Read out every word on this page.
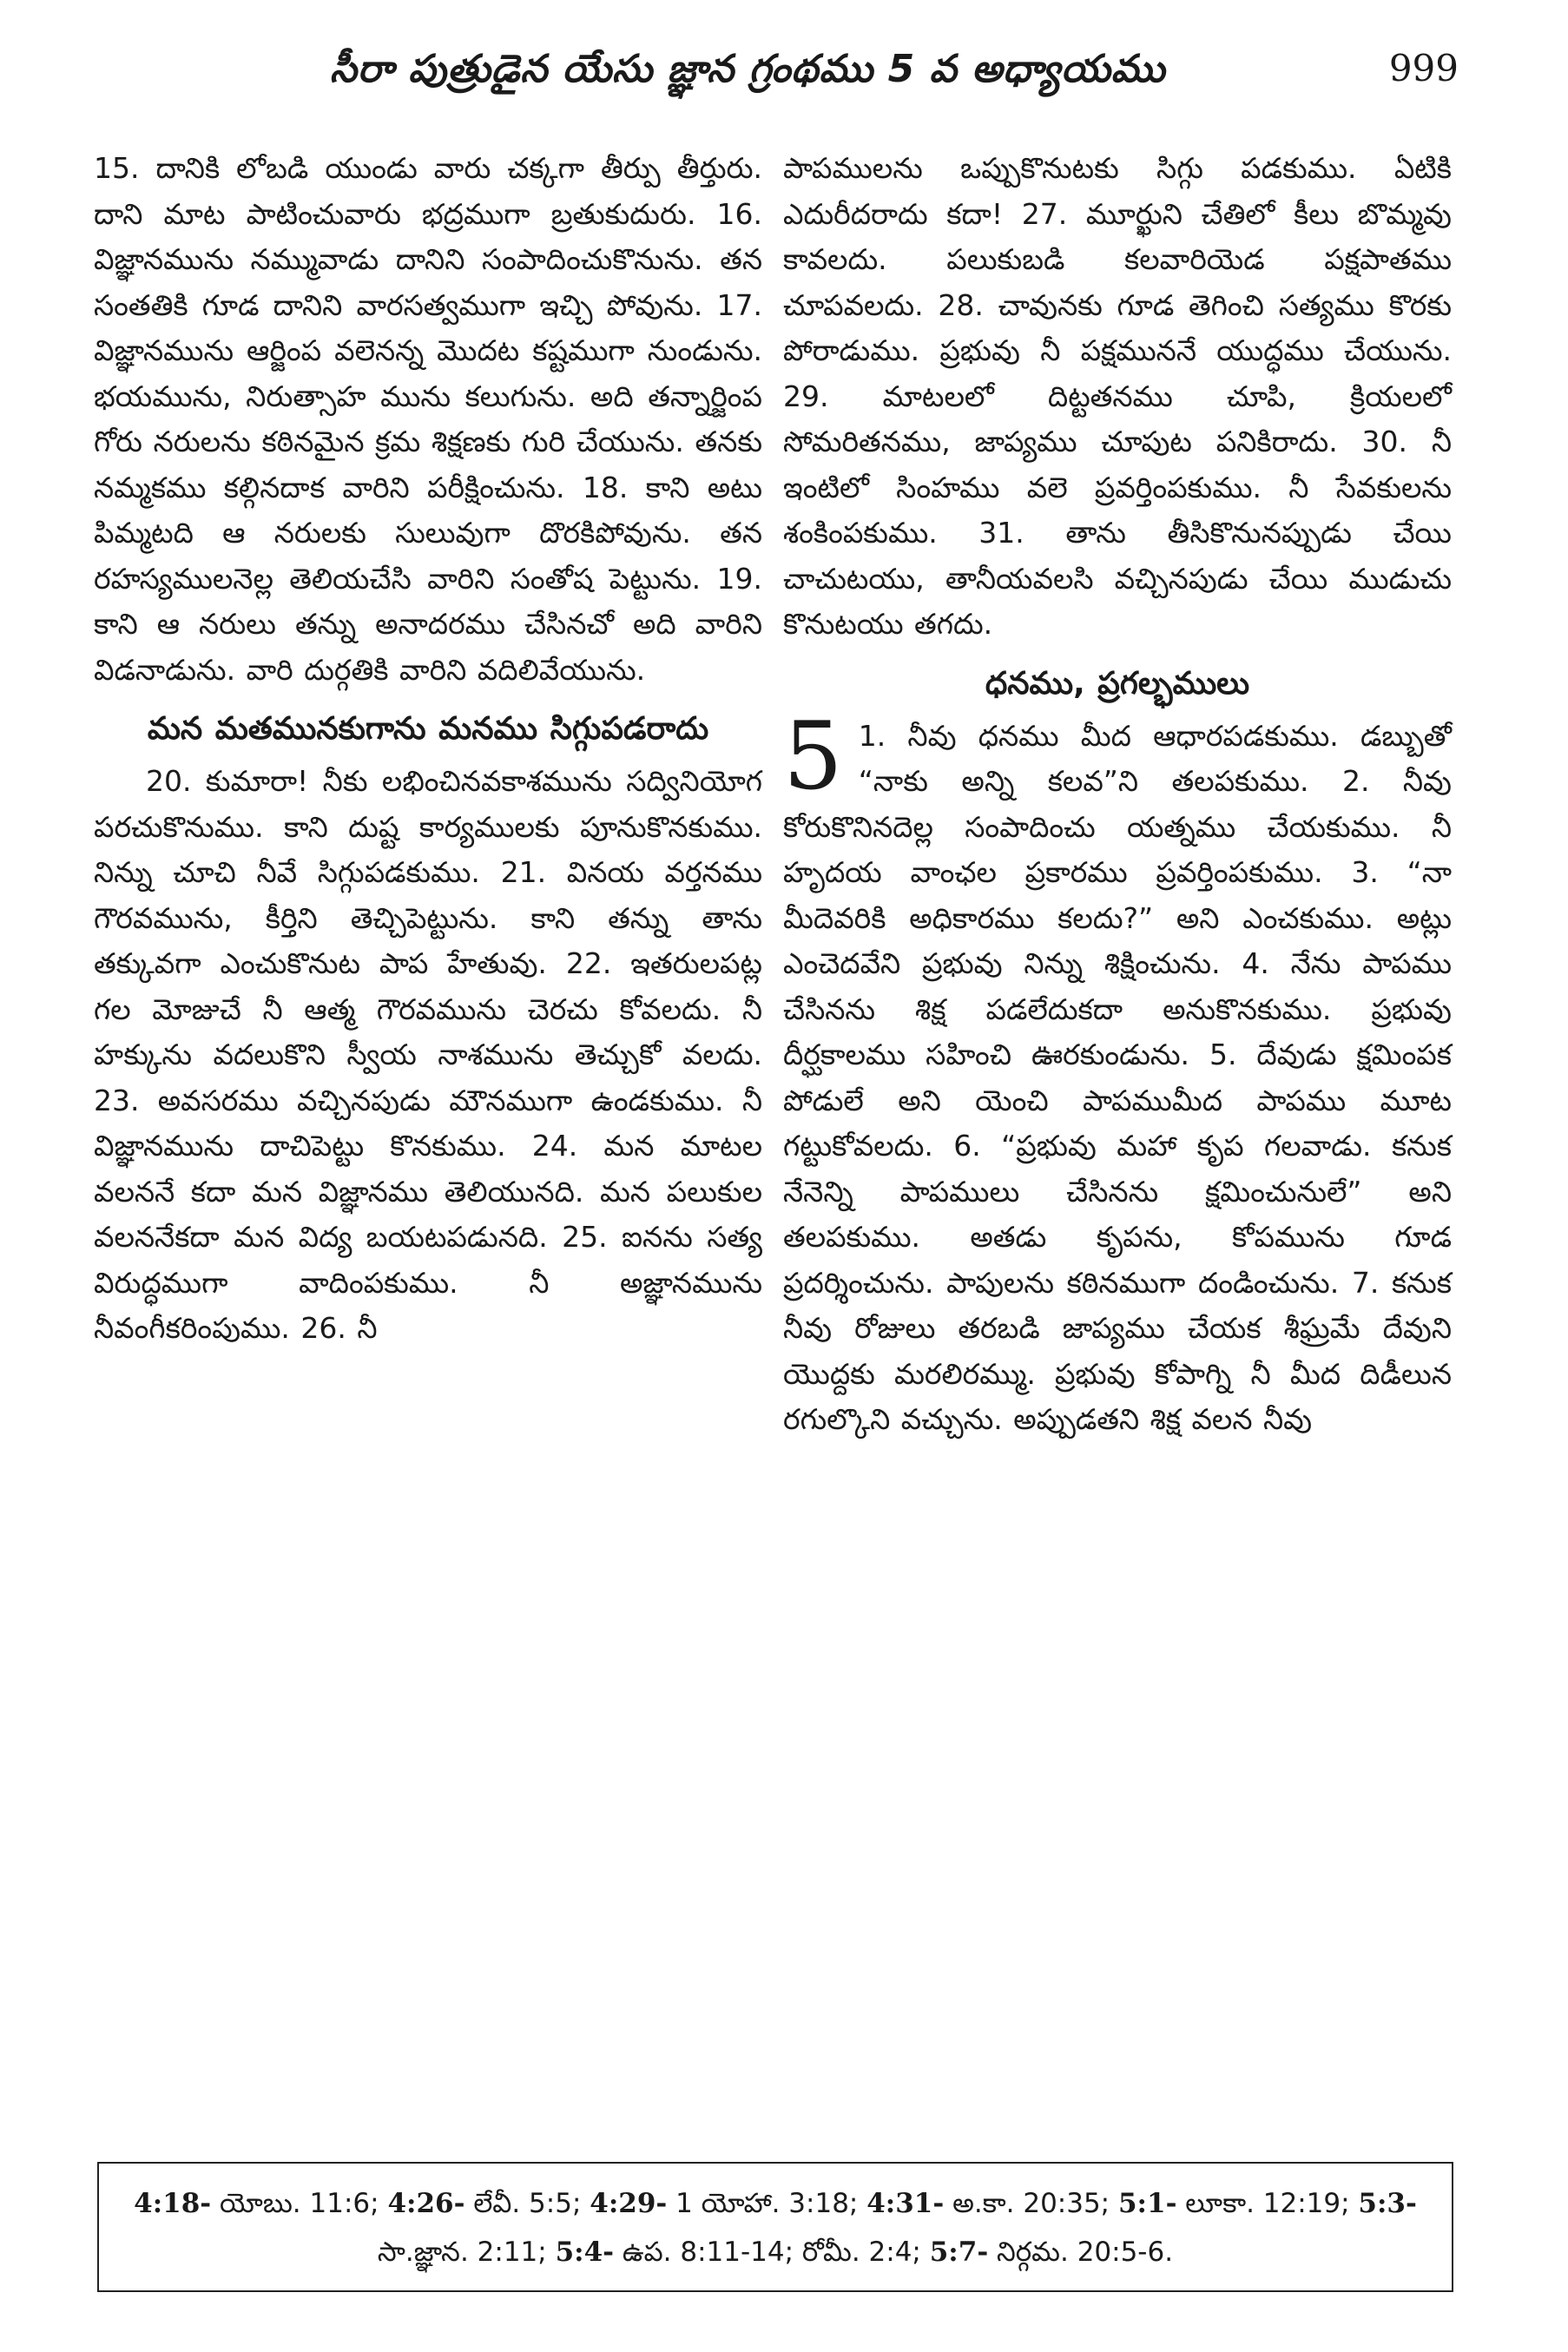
సీరా పుత్రుడైన యేసు జ్ఞాన గ్రంథము 5 వ అధ్యాయము	999

15. దానికి లోబడి యుండు వారు చక్కగా తీర్పు తీర్తురు. దాని మాట పాటించువారు భద్రముగా బ్రతుకుదురు. 16. విజ్ఞానమును నమ్మువాడు దానిని సంపాదించుకొనును. తన సంతతికి గూడ దానిని వారసత్వముగా ఇచ్చి పోవును. 17. విజ్ఞానమును ఆర్జింప వలెనన్న మొదట కష్టముగా నుండును. భయమును, నిరుత్సాహ మును కలుగును. అది తన్నార్జింప గోరు నరులను కఠినమైన క్రమ శిక్షణకు గురి చేయును. తనకు నమ్మకము కల్గినదాక వారిని పరీక్షించును. 18. కాని అటు పిమ్మటది ఆ నరులకు సులువుగా దొరకిపోవును. తన రహస్యములనెల్ల తెలియచేసి వారిని సంతోష పెట్టును. 19. కాని ఆ నరులు తన్ను అనాదరము చేసినచో అది వారిని విడనాడును. వారి దుర్గతికి వారిని వదిలివేయును.

మన మతమునకుగాను మనము సిగ్గుపడరాదు

20. కుమారా! నీకు లభించినవకాశమును సద్వినియోగ పరచుకొనుము. కాని దుష్ట కార్యములకు పూనుకొనకుము. నిన్ను చూచి నీవే సిగ్గుపడకుము. 21. వినయ వర్తనము గౌరవమును, కీర్తిని తెచ్చిపెట్టును. కాని తన్ను తాను తక్కువగా ఎంచుకొనుట పాప హేతువు. 22. ఇతరులపట్ల గల మోజుచే నీ ఆత్మ గౌరవమును చెరచు కోవలదు. నీ హక్కును వదలుకొని స్వీయ నాశమును తెచ్చుకో వలదు. 23. అవసరము వచ్చినపుడు మౌనముగా ఉండకుము. నీ విజ్ఞానమును దాచిపెట్టు కొనకుము. 24. మన మాటల వలననే కదా మన విజ్ఞానము తెలియునది. మన పలుకుల వలననేకదా మన విద్య బయటపడునది. 25. ఐనను సత్య విరుద్ధముగా వాదింపకుము. నీ అజ్ఞానమును నీవంగీకరింపుము. 26. నీ

పాపములను ఒప్పుకొనుటకు సిగ్గు పడకుము. ఏటికి ఎదురీదరాదు కదా! 27. మూర్ఖుని చేతిలో కీలు బొమ్మవు కావలదు. పలుకుబడి కలవారియెడ పక్షపాతము చూపవలదు. 28. చావునకు గూడ తెగించి సత్యము కొరకు పోరాడుము. ప్రభువు నీ పక్షముననే యుద్ధము చేయును. 29. మాటలలో దిట్టతనము చూపి, క్రియలలో సోమరితనము, జాప్యము చూపుట పనికిరాదు. 30. నీ ఇంటిలో సింహము వలె ప్రవర్తింపకుము. నీ సేవకులను శంకింపకుము. 31. తాను తీసికొనునప్పుడు చేయి చాచుటయు, తానీయవలసి వచ్చినపుడు చేయి ముడుచు కొనుటయు తగదు.

ధనము, ప్రగల్భములు

5 1. నీవు ధనము మీద ఆధారపడకుము. డబ్బుతో “నాకు అన్ని కలవ”ని తలపకుము. 2. నీవు కోరుకొనినదెల్ల సంపాదించు యత్నము చేయకుము. నీ హృదయ వాంఛల ప్రకారము ప్రవర్తింపకుము. 3. “నా మీదెవరికి అధికారము కలదు?” అని ఎంచకుము. అట్లు ఎంచెదవేని ప్రభువు నిన్ను శిక్షించును. 4. నేను పాపము చేసినను శిక్ష పడలేదుకదా అనుకొనకుము. ప్రభువు దీర్ఘకాలము సహించి ఊరకుండును. 5. దేవుడు క్షమింపక పోడులే అని యెంచి పాపముమీద పాపము మూట గట్టుకోవలదు. 6. “ప్రభువు మహా కృప గలవాడు. కనుక నేనెన్ని పాపములు చేసినను క్షమించునులే” అని తలపకుము. అతడు కృపను, కోపమును గూడ ప్రదర్శించును. పాపులను కఠినముగా దండించును. 7. కనుక నీవు రోజులు తరబడి జాప్యము చేయక శీఘ్రమే దేవుని యొద్దకు మరలిరమ్ము. ప్రభువు కోపాగ్ని నీ మీద దిడీలున రగుల్కొని వచ్చును. అప్పుడతని శిక్ష వలన నీవు

4:18- యోబు. 11:6; 4:26- లేవీ. 5:5; 4:29- 1 యోహా. 3:18; 4:31- అ.కా. 20:35; 5:1- లూకా. 12:19; 5:3- సా.జ్ఞాన. 2:11; 5:4- ఉప. 8:11-14; రోమీ. 2:4; 5:7- నిర్గమ. 20:5-6.
